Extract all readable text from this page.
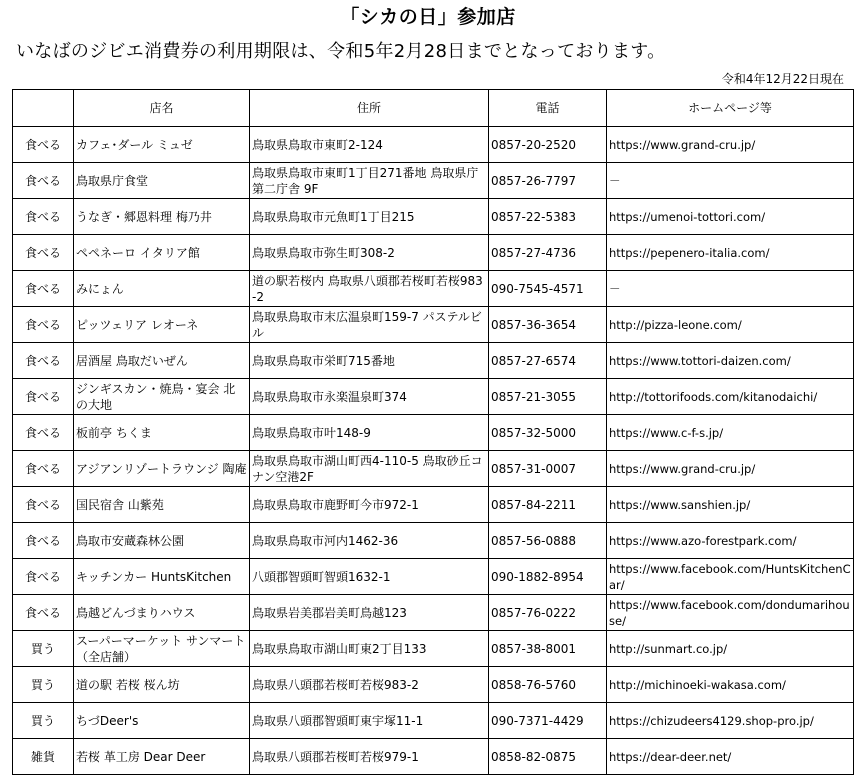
「シカの日」参加店
いなばのジビエ消費券の利用期限は、令和5年2月28日までとなっております。
令和4年12月22日現在
	店名	住所	電話	ホームページ等
食べる	カフェ･ダール ミュゼ	鳥取県鳥取市東町2-124	0857-20-2520	https://www.grand-cru.jp/
食べる	鳥取県庁食堂	鳥取県鳥取市東町1丁目271番地 鳥取県庁第二庁舎 9F	0857-26-7797	－
食べる	うなぎ・郷恩料理 梅乃井	鳥取県鳥取市元魚町1丁目215	0857-22-5383	https://umenoi-tottori.com/
食べる	ペペネーロ イタリア館	鳥取県鳥取市弥生町308-2	0857-27-4736	https://pepenero-italia.com/
食べる	みにょん	道の駅若桜内 鳥取県八頭郡若桜町若桜983-2	090-7545-4571	－
食べる	ピッツェリア レオーネ	鳥取県鳥取市末広温泉町159-7 パステルビル	0857-36-3654	http://pizza-leone.com/
食べる	居酒屋 鳥取だいぜん	鳥取県鳥取市栄町715番地	0857-27-6574	https://www.tottori-daizen.com/
食べる	ジンギスカン・焼鳥・宴会 北の大地	鳥取県鳥取市永楽温泉町374	0857-21-3055	http://tottorifoods.com/kitanodaichi/
食べる	板前亭 ちくま	鳥取県鳥取市叶148-9	0857-32-5000	https://www.c-f-s.jp/
食べる	アジアンリゾートラウンジ 陶庵	鳥取県鳥取市湖山町西4-110-5 鳥取砂丘コナン空港2F	0857-31-0007	https://www.grand-cru.jp/
食べる	国民宿舎 山紫苑	鳥取県鳥取市鹿野町今市972-1	0857-84-2211	https://www.sanshien.jp/
食べる	鳥取市安蔵森林公園	鳥取県鳥取市河内1462-36	0857-56-0888	https://www.azo-forestpark.com/
食べる	キッチンカー HuntsKitchen	八頭郡智頭町智頭1632-1	090-1882-8954	https://www.facebook.com/HuntsKitchenCar/
食べる	鳥越どんづまりハウス	鳥取県岩美郡岩美町鳥越123	0857-76-0222	https://www.facebook.com/dondumarihouse/
買う	スーパーマーケット サンマート（全店舗）	鳥取県鳥取市湖山町東2丁目133	0857-38-8001	http://sunmart.co.jp/
買う	道の駅 若桜 桜ん坊	鳥取県八頭郡若桜町若桜983-2	0858-76-5760	http://michinoeki-wakasa.com/
買う	ちづDeer's	鳥取県八頭郡智頭町東宇塚11-1	090-7371-4429	https://chizudeers4129.shop-pro.jp/
雑貨	若桜 革工房 Dear Deer	鳥取県八頭郡若桜町若桜979-1	0858-82-0875	https://dear-deer.net/
